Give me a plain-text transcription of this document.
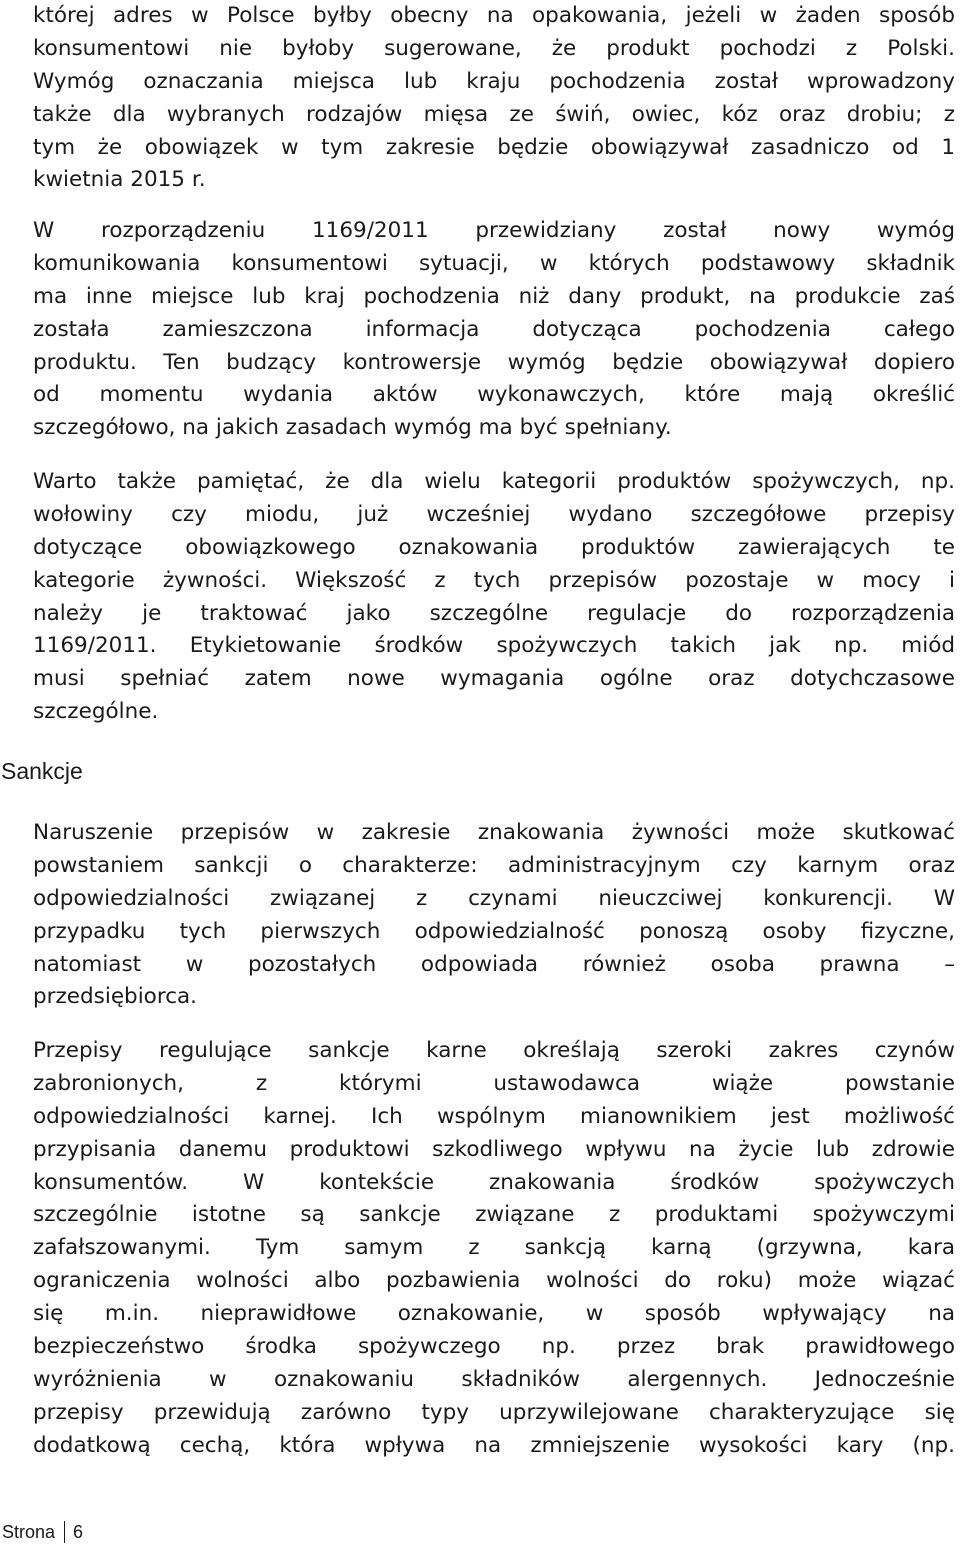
której adres w Polsce byłby obecny na opakowania, jeżeli w żaden sposób
konsumentowi nie byłoby sugerowane, że produkt pochodzi z Polski.
Wymóg oznaczania miejsca lub kraju pochodzenia został wprowadzony
także dla wybranych rodzajów mięsa ze świń, owiec, kóz oraz drobiu; z
tym że obowiązek w tym zakresie będzie obowiązywał zasadniczo od 1
kwietnia 2015 r.
W rozporządzeniu 1169/2011 przewidziany został nowy wymóg
komunikowania konsumentowi sytuacji, w których podstawowy składnik
ma inne miejsce lub kraj pochodzenia niż dany produkt, na produkcie zaś
została zamieszczona informacja dotycząca pochodzenia całego
produktu. Ten budzący kontrowersje wymóg będzie obowiązywał dopiero
od momentu wydania aktów wykonawczych, które mają określić
szczegółowo, na jakich zasadach wymóg ma być spełniany.
Warto także pamiętać, że dla wielu kategorii produktów spożywczych, np.
wołowiny czy miodu, już wcześniej wydano szczegółowe przepisy
dotyczące obowiązkowego oznakowania produktów zawierających te
kategorie żywności. Większość z tych przepisów pozostaje w mocy i
należy je traktować jako szczególne regulacje do rozporządzenia
1169/2011. Etykietowanie środków spożywczych takich jak np. miód
musi spełniać zatem nowe wymagania ogólne oraz dotychczasowe
szczególne.
Sankcje
Naruszenie przepisów w zakresie znakowania żywności może skutkować
powstaniem sankcji o charakterze: administracyjnym czy karnym oraz
odpowiedzialności związanej z czynami nieuczciwej konkurencji. W
przypadku tych pierwszych odpowiedzialność ponoszą osoby fizyczne,
natomiast w pozostałych odpowiada również osoba prawna –
przedsiębiorca.
Przepisy regulujące sankcje karne określają szeroki zakres czynów
zabronionych, z którymi ustawodawca wiąże powstanie
odpowiedzialności karnej. Ich wspólnym mianownikiem jest możliwość
przypisania danemu produktowi szkodliwego wpływu na życie lub zdrowie
konsumentów. W kontekście znakowania środków spożywczych
szczególnie istotne są sankcje związane z produktami spożywczymi
zafałszowanymi. Tym samym z sankcją karną (grzywna, kara
ograniczenia wolności albo pozbawienia wolności do roku) może wiązać
się m.in. nieprawidłowe oznakowanie, w sposób wpływający na
bezpieczeństwo środka spożywczego np. przez brak prawidłowego
wyróżnienia w oznakowaniu składników alergennych. Jednocześnie
przepisy przewidują zarówno typy uprzywilejowane charakteryzujące się
dodatkową cechą, która wpływa na zmniejszenie wysokości kary (np.
Strona 6
